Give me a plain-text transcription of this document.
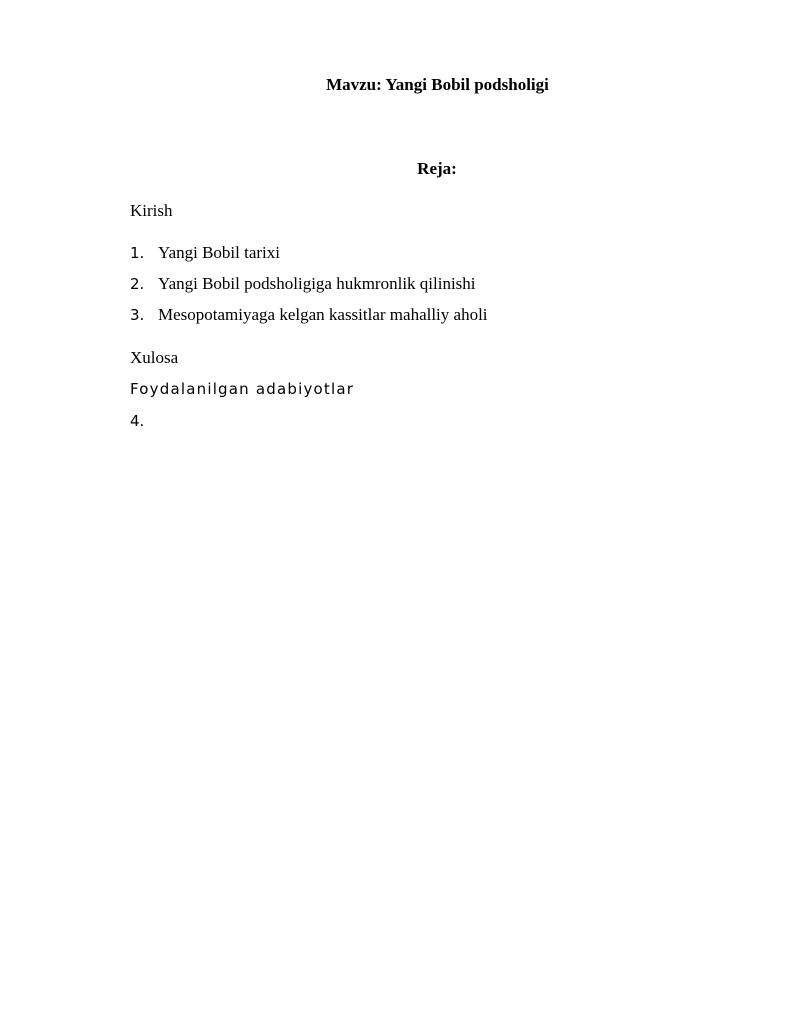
Mavzu: Yangi Bobil podsholigi
Reja:
Kirish
1. Yangi Bobil tarixi
2. Yangi Bobil podsholigiga hukmronlik qilinishi
3. Mesopotamiyaga kelgan kassitlar mahalliy aholi
Xulosa
Foydalanilgan adabiyotlar
4.
